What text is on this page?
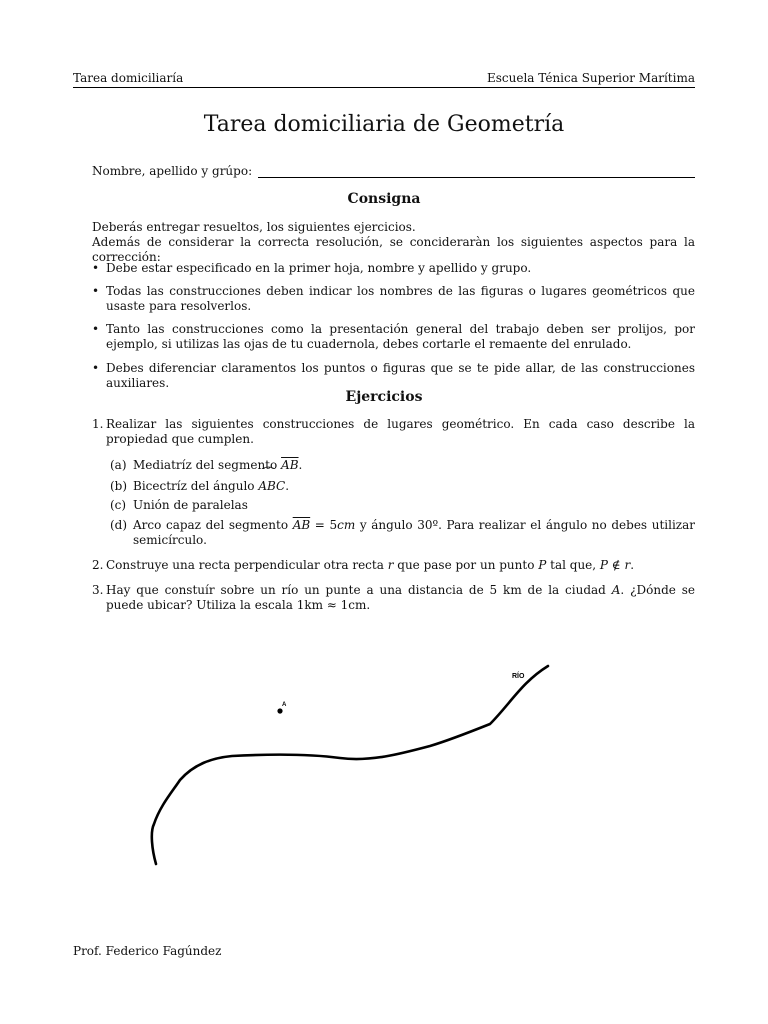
Tarea domiciliaría	Escuela Ténica Superior Marítima
Tarea domiciliaria de Geometría
Nombre, apellido y grúpo:
Consigna
Deberás entregar resueltos, los siguientes ejercicios.
Además de considerar la correcta resolución, se concideraràn los siguientes aspectos para la corrección:
• Debe estar especificado en la primer hoja, nombre y apellido y grupo.
• Todas las construcciones deben indicar los nombres de las figuras o lugares geométricos que usaste para resolverlos.
• Tanto las construcciones como la presentación general del trabajo deben ser prolijos, por ejemplo, si utilizas las ojas de tu cuadernola, debes cortarle el remaente del enrulado.
• Debes diferenciar claramentos los puntos o figuras que se te pide allar, de las construcciones auxiliares.
Ejercicios
1. Realizar las siguientes construcciones de lugares geométrico. En cada caso describe la propiedad que cumplen.
(a) Mediatríz del segmento $\overline{AB}$.
(b) Bicectríz del ángulo ⌒ ABC.
(c) Unión de paralelas
(d) Arco capaz del segmento $\overline{AB} = 5cm$ y ángulo 30º. Para realizar el ángulo no debes utilizar semicírculo.
2. Construye una recta perpendicular otra recta r que pase por un punto P tal que, P ∉ r.
3. Hay que constuír sobre un río un punte a una distancia de 5 km de la ciudad A. ¿Dónde se puede ubicar? Utiliza la escala 1km ≈ 1cm.
Prof. Federico Fagúndez
A
RÍO
